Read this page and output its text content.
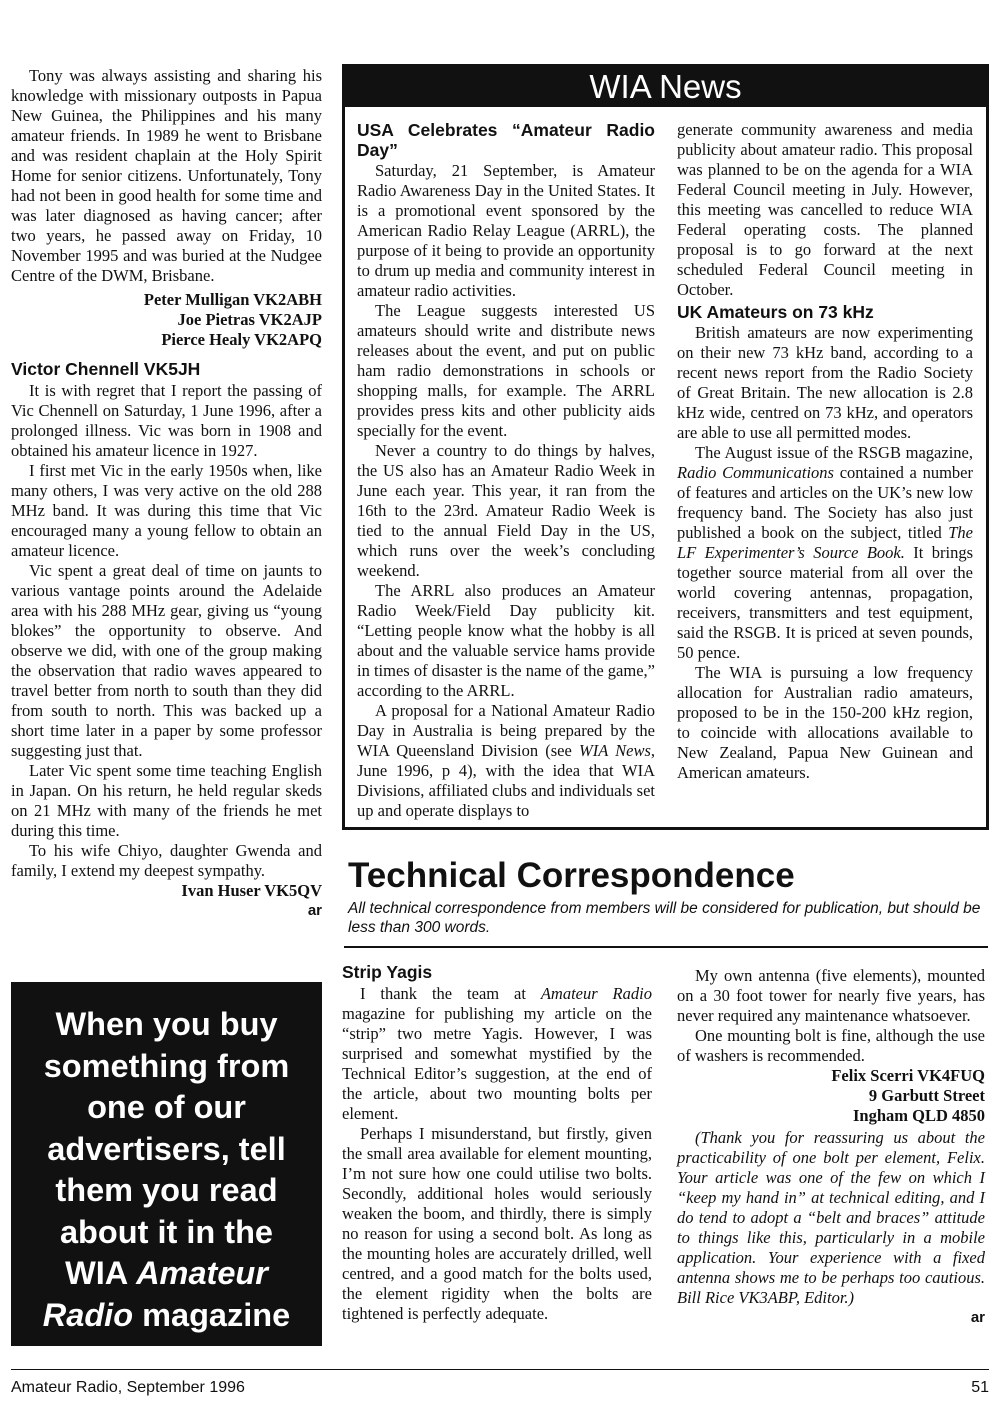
Tony was always assisting and sharing his knowledge with missionary outposts in Papua New Guinea, the Philippines and his many amateur friends. In 1989 he went to Brisbane and was resident chaplain at the Holy Spirit Home for senior citizens. Unfortunately, Tony had not been in good health for some time and was later diagnosed as having cancer; after two years, he passed away on Friday, 10 November 1995 and was buried at the Nudgee Centre of the DWM, Brisbane.

Peter Mulligan VK2ABH
Joe Pietras VK2AJP
Pierce Healy VK2APQ
Victor Chennell VK5JH

It is with regret that I report the passing of Vic Chennell on Saturday, 1 June 1996, after a prolonged illness. Vic was born in 1908 and obtained his amateur licence in 1927.

I first met Vic in the early 1950s when, like many others, I was very active on the old 288 MHz band. It was during this time that Vic encouraged many a young fellow to obtain an amateur licence.

Vic spent a great deal of time on jaunts to various vantage points around the Adelaide area with his 288 MHz gear, giving us “young blokes” the opportunity to observe. And observe we did, with one of the group making the observation that radio waves appeared to travel better from north to south than they did from south to north. This was backed up a short time later in a paper by some professor suggesting just that.

Later Vic spent some time teaching English in Japan. On his return, he held regular skeds on 21 MHz with many of the friends he met during this time.

To his wife Chiyo, daughter Gwenda and family, I extend my deepest sympathy.

Ivan Huser VK5QV
ar
When you buy
something from
one of our
advertisers, tell
them you read
about it in the
WIA Amateur
Radio magazine
WIA News
USA Celebrates “Amateur Radio Day”

Saturday, 21 September, is Amateur Radio Awareness Day in the United States. It is a promotional event sponsored by the American Radio Relay League (ARRL), the purpose of it being to provide an opportunity to drum up media and community interest in amateur radio activities.

The League suggests interested US amateurs should write and distribute news releases about the event, and put on public ham radio demonstrations in schools or shopping malls, for example. The ARRL provides press kits and other publicity aids specially for the event.

Never a country to do things by halves, the US also has an Amateur Radio Week in June each year. This year, it ran from the 16th to the 23rd. Amateur Radio Week is tied to the annual Field Day in the US, which runs over the week’s concluding weekend.

The ARRL also produces an Amateur Radio Week/Field Day publicity kit. “Letting people know what the hobby is all about and the valuable service hams provide in times of disaster is the name of the game,” according to the ARRL.

A proposal for a National Amateur Radio Day in Australia is being prepared by the WIA Queensland Division (see WIA News, June 1996, p 4), with the idea that WIA Divisions, affiliated clubs and individuals set up and operate displays to

generate community awareness and media publicity about amateur radio. This proposal was planned to be on the agenda for a WIA Federal Council meeting in July. However, this meeting was cancelled to reduce WIA Federal operating costs. The planned proposal is to go forward at the next scheduled Federal Council meeting in October.

UK Amateurs on 73 kHz

British amateurs are now experimenting on their new 73 kHz band, according to a recent news report from the Radio Society of Great Britain. The new allocation is 2.8 kHz wide, centred on 73 kHz, and operators are able to use all permitted modes.

The August issue of the RSGB magazine, Radio Communications contained a number of features and articles on the UK’s new low frequency band. The Society has also just published a book on the subject, titled The LF Experimenter’s Source Book. It brings together source material from all over the world covering antennas, propagation, receivers, transmitters and test equipment, said the RSGB. It is priced at seven pounds, 50 pence.

The WIA is pursuing a low frequency allocation for Australian radio amateurs, proposed to be in the 150-200 kHz region, to coincide with allocations available to New Zealand, Papua New Guinean and American amateurs.

Technical Correspondence
All technical correspondence from members will be considered for publication, but should be less than 300 words.
Strip Yagis

I thank the team at Amateur Radio magazine for publishing my article on the “strip” two metre Yagis. However, I was surprised and somewhat mystified by the Technical Editor’s suggestion, at the end of the article, about two mounting bolts per element.

Perhaps I misunderstand, but firstly, given the small area available for element mounting, I’m not sure how one could utilise two bolts. Secondly, additional holes would seriously weaken the boom, and thirdly, there is simply no reason for using a second bolt. As long as the mounting holes are accurately drilled, well centred, and a good match for the bolts used, the element rigidity when the bolts are tightened is perfectly adequate.

My own antenna (five elements), mounted on a 30 foot tower for nearly five years, has never required any maintenance whatsoever.

One mounting bolt is fine, although the use of washers is recommended.

Felix Scerri VK4FUQ
9 Garbutt Street
Ingham QLD 4850

(Thank you for reassuring us about the practicability of one bolt per element, Felix. Your article was one of the few on which I “keep my hand in” at technical editing, and I do tend to adopt a “belt and braces” attitude to things like this, particularly in a mobile application. Your experience with a fixed antenna shows me to be perhaps too cautious. Bill Rice VK3ABP, Editor.)

ar
Amateur Radio, September 1996	51
